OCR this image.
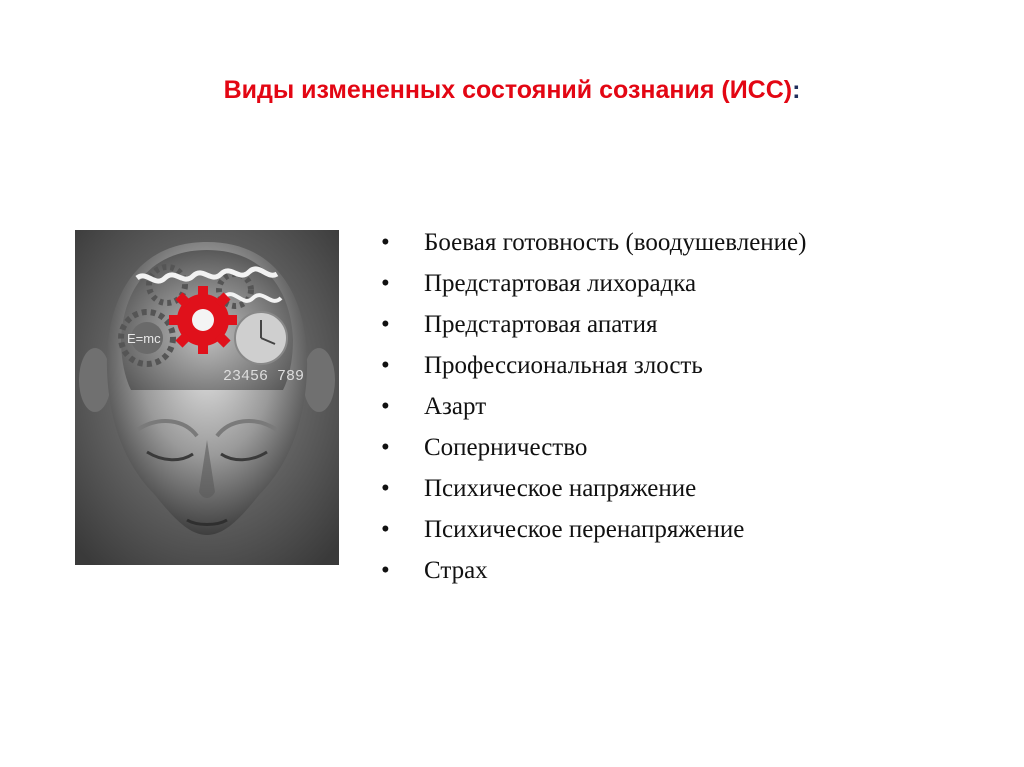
Виды измененных состояний сознания (ИСС):
E=mc
23456 789
•	Боевая готовность (воодушевление)
•	Предстартовая лихорадка
•	Предстартовая апатия
•	Профессиональная злость
•	Азарт
•	Соперничество
•	Психическое напряжение
•	Психическое перенапряжение
•	Страх
